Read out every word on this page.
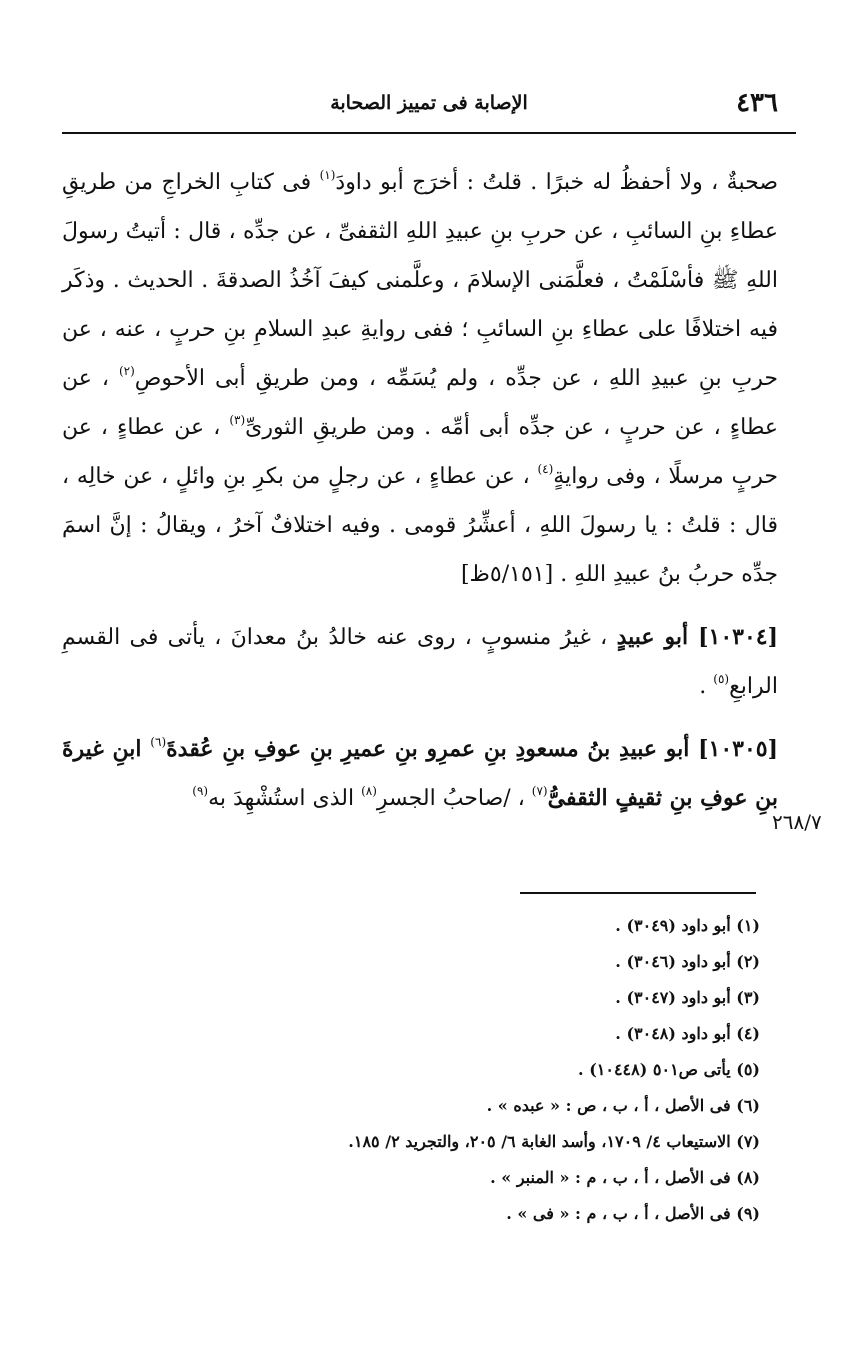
٤٣٦
الإصابة فى تمييز الصحابة

صحبةٌ ، ولا أحفظُ له خبرًا . قلتُ : أخرَج أبو داودَ$^{(١)}$ فى كتابِ الخراجِ من طريقِ عطاءِ بنِ السائبِ ، عن حربِ بنِ عبيدِ اللهِ الثقفىِّ ، عن جدِّه ، قال : أتيتُ رسولَ اللهِ ﷺ فأسْلَمْتُ ، فعلَّمَنى الإسلامَ ، وعلَّمنى كيفَ آخُذُ الصدقةَ . الحديث . وذكَر فيه اختلافًا على عطاءِ بنِ السائبِ ؛ ففى روايةِ عبدِ السلامِ بنِ حربٍ ، عنه ، عن حربِ بنِ عبيدِ اللهِ ، عن جدِّه ، ولم يُسَمِّه ، ومن طريقِ أبى الأحوصِ$^{(٢)}$ ، عن عطاءٍ ، عن حربٍ ، عن جدِّه أبى أمِّه . ومن طريقِ الثورىِّ$^{(٣)}$ ، عن عطاءٍ ، عن حربٍ مرسلًا ، وفى روايةٍ$^{(٤)}$ ، عن عطاءٍ ، عن رجلٍ من بكرِ بنِ وائلٍ ، عن خالِه ، قال : قلتُ : يا رسولَ اللهِ ، أعشِّرُ قومى . وفيه اختلافٌ آخرُ ، ويقالُ : إنَّ اسمَ جدِّه حربُ بنُ عبيدِ اللهِ . [٥/١٥١ظ]

[١٠٣٠٤] أبو عبيدٍ ، غيرُ منسوبٍ ، روى عنه خالدُ بنُ معدانَ ، يأتى فى القسمِ الرابعِ$^{(٥)}$ .

[١٠٣٠٥] أبو عبيدِ بنُ مسعودِ بنِ عمرِو بنِ عميرِ بنِ عوفِ بنِ عُقدةَ$^{(٦)}$ ابنِ غيرةَ بنِ عوفِ بنِ ثقيفٍ الثقفىُّ$^{(٧)}$ ، /صاحبُ الجسرِ$^{(٨)}$ الذى استُشْهِدَ به$^{(٩)}$

٢٦٨/٧
(١) أبو داود (٣٠٤٩) .
(٢) أبو داود (٣٠٤٦) .
(٣) أبو داود (٣٠٤٧) .
(٤) أبو داود (٣٠٤٨) .
(٥) يأتى ص٥٠١ (١٠٤٤٨) .
(٦) فى الأصل ، أ ، ب ، ص : « عبده » .
(٧) الاستيعاب ٤/ ١٧٠٩، وأسد الغابة ٦/ ٢٠٥، والتجريد ٢/ ١٨٥.
(٨) فى الأصل ، أ ، ب ، م : « المنبر » .
(٩) فى الأصل ، أ ، ب ، م : « فى » .
